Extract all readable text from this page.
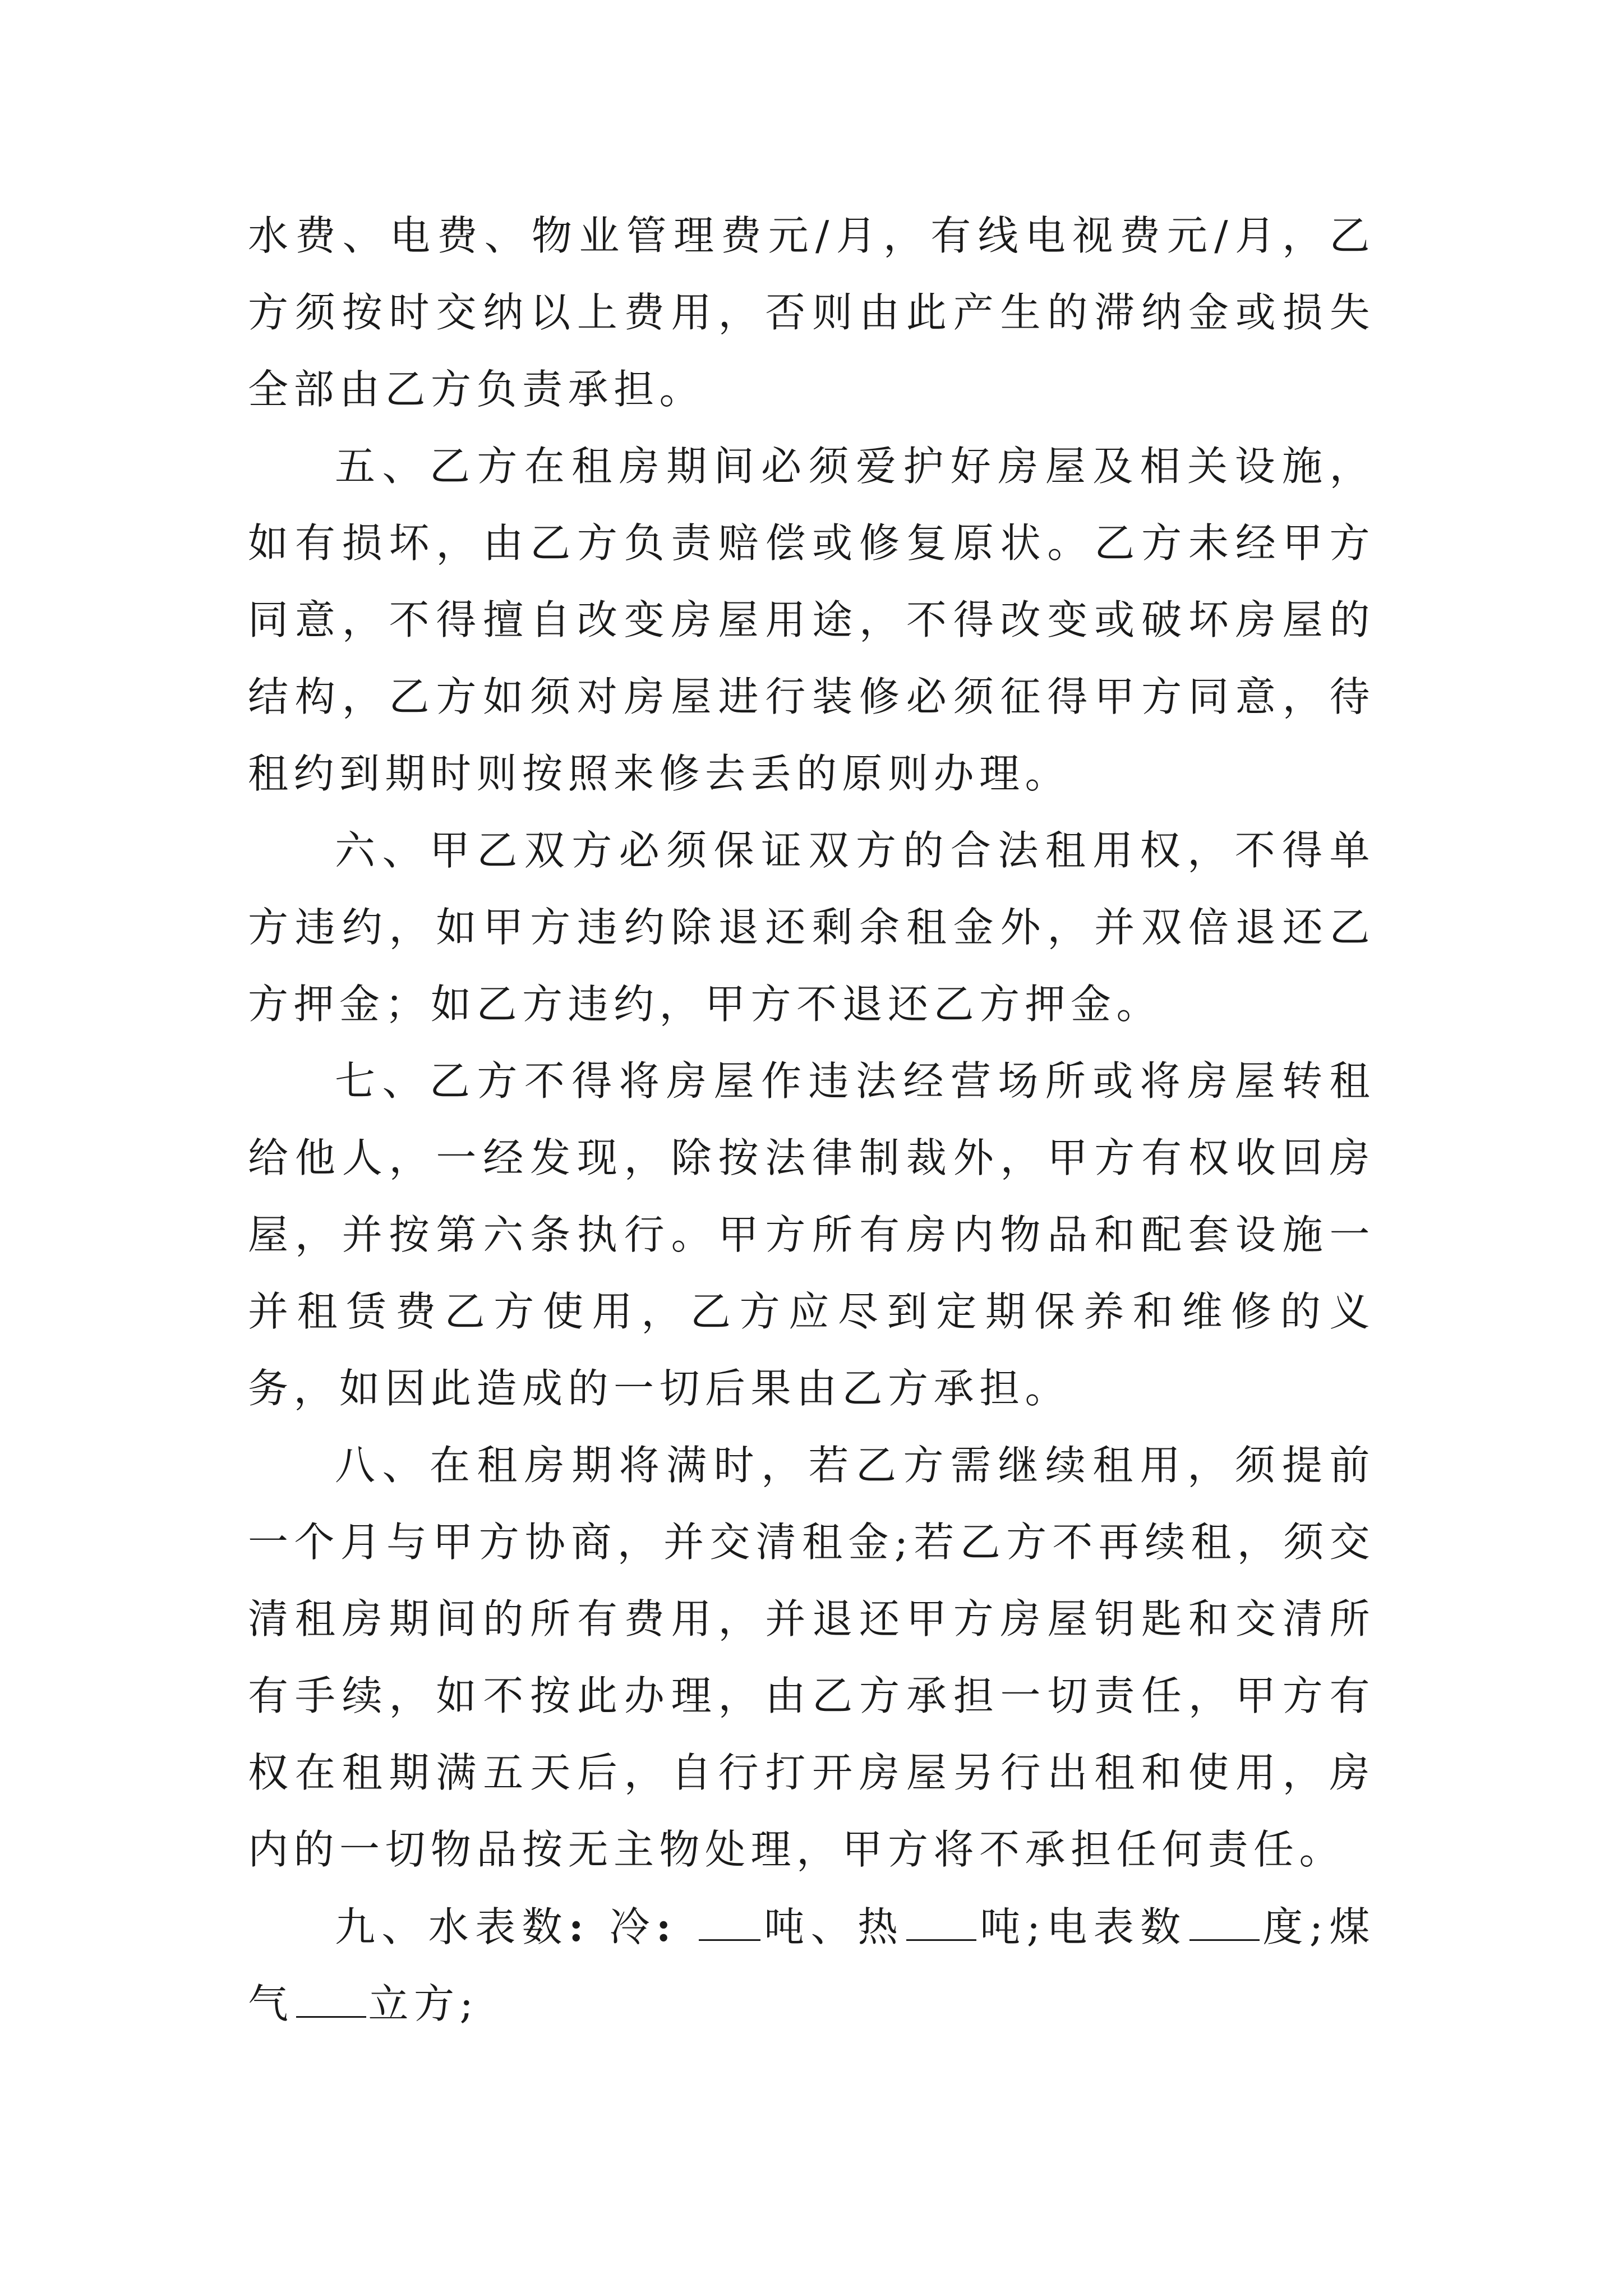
水费、电费、物业管理费元/月，有线电视费元/月，乙方须按时交纳以上费用，否则由此产生的滞纳金或损失全部由乙方负责承担。

五、乙方在租房期间必须爱护好房屋及相关设施，如有损坏，由乙方负责赔偿或修复原状。乙方未经甲方同意，不得擅自改变房屋用途，不得改变或破坏房屋的结构，乙方如须对房屋进行装修必须征得甲方同意，待租约到期时则按照来修去丢的原则办理。

六、甲乙双方必须保证双方的合法租用权，不得单方违约，如甲方违约除退还剩余租金外，并双倍退还乙方押金；如乙方违约，甲方不退还乙方押金。

七、乙方不得将房屋作违法经营场所或将房屋转租给他人，一经发现，除按法律制裁外，甲方有权收回房屋，并按第六条执行。甲方所有房内物品和配套设施一并租赁费乙方使用，乙方应尽到定期保养和维修的义务，如因此造成的一切后果由乙方承担。

八、在租房期将满时，若乙方需继续租用，须提前一个月与甲方协商，并交清租金;若乙方不再续租，须交清租房期间的所有费用，并退还甲方房屋钥匙和交清所有手续，如不按此办理，由乙方承担一切责任，甲方有权在租期满五天后，自行打开房屋另行出租和使用，房内的一切物品按无主物处理，甲方将不承担任何责任。

九、水表数: 冷: 吨、热 吨;电表数 度;煤气 立方;
